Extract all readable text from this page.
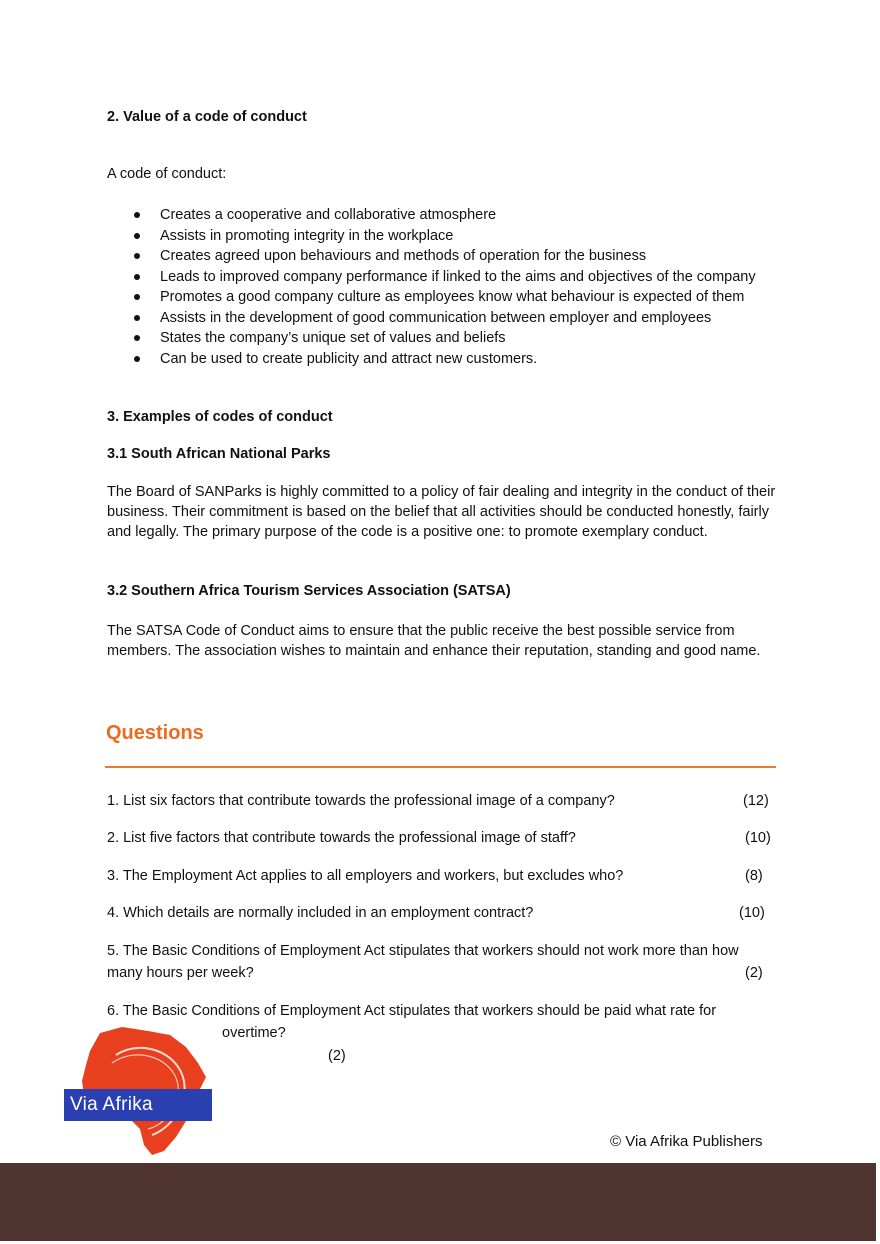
2. Value of a code of conduct
A code of conduct:
Creates a cooperative and collaborative atmosphere
Assists in promoting integrity in the workplace
Creates agreed upon behaviours and methods of operation for the business
Leads to improved company performance if linked to the aims and objectives of the company
Promotes a good company culture as employees know what behaviour is expected of them
Assists in the development of good communication between employer and employees
States the company’s unique set of values and beliefs
Can be used to create publicity and attract new customers.
3. Examples of codes of conduct
3.1 South African National Parks
The Board of SANParks is highly committed to a policy of fair dealing and integrity in the conduct of their business. Their commitment is based on the belief that all activities should be conducted honestly, fairly and legally. The primary purpose of the code is a positive one: to promote exemplary conduct.
3.2 Southern Africa Tourism Services Association (SATSA)
The SATSA Code of Conduct aims to ensure that the public receive the best possible service from members. The association wishes to maintain and enhance their reputation, standing and good name.
Questions
1. List six factors that contribute towards the professional image of a company?	(12)
2. List five factors that contribute towards the professional image of staff?	(10)
3. The Employment Act applies to all employers and workers, but excludes who?	(8)
4. Which details are normally included in an employment contract?	(10)
5. The Basic Conditions of Employment Act stipulates that workers should not work more than how
many hours per week?	(2)
6. The Basic Conditions of Employment Act stipulates that workers should be paid what rate for
overtime?
(2)
Via Afrika
© Via Afrika Publishers
